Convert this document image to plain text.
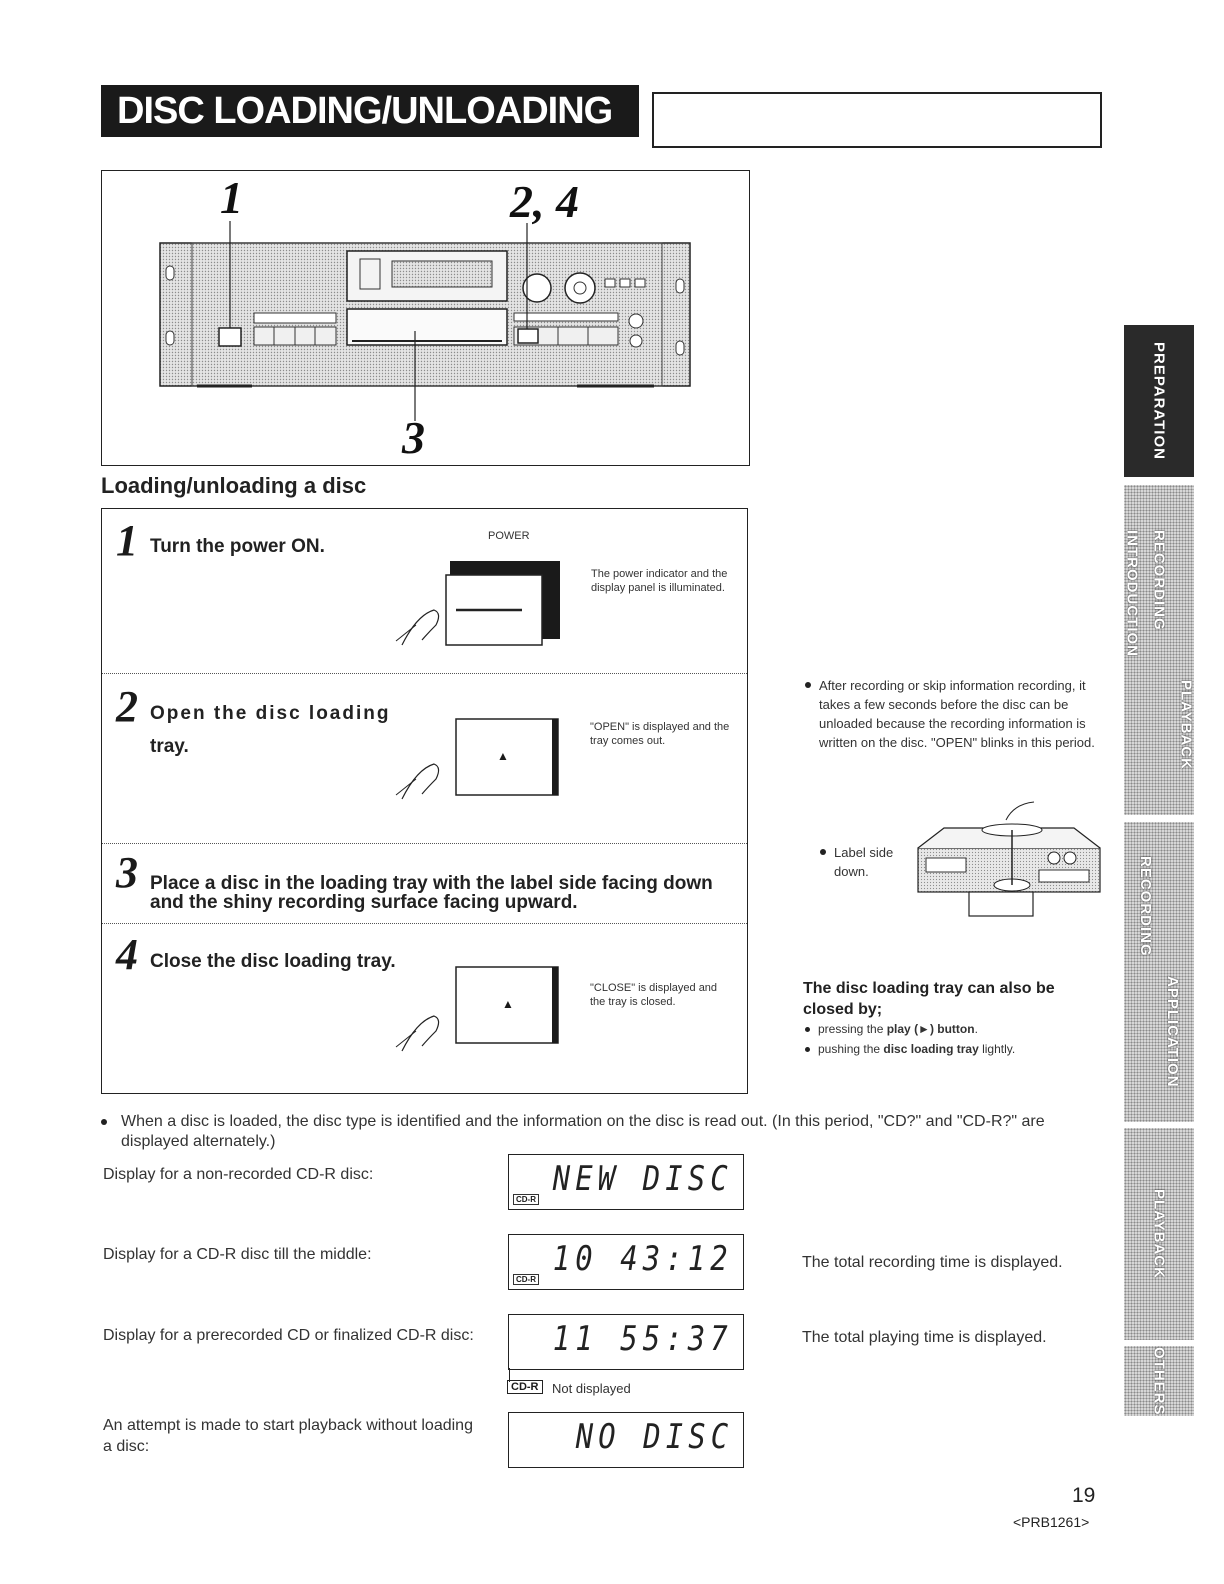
DISC LOADING/UNLOADING
1	2, 4
3
Loading/unloading a disc
1 Turn the power ON.	POWER
The power indicator and the display panel is illuminated.
2 Open the disc loading
tray.	▲
"OPEN" is displayed and the tray comes out.
3 Place a disc in the loading tray with the label side facing down
and the shiny recording surface facing upward.
4 Close the disc loading tray.
▲
"CLOSE" is displayed and the tray is closed.
After recording or skip information recording, it takes a few seconds before the disc can be unloaded because the recording information is written on the disc. "OPEN" blinks in this period.
Label side down.
The disc loading tray can also be closed by;
pressing the play (►) button.
pushing the disc loading tray lightly.
When a disc is loaded, the disc type is identified and the information on the disc is read out. (In this period, "CD?" and "CD-R?" are displayed alternately.)
Display for a non-recorded CD-R disc:	NEW DISC
CD-R
Display for a CD-R disc till the middle:	10 43:12
CD-R
The total recording time is displayed.
Display for a prerecorded CD or finalized CD-R disc:	11 55:37
CD-R	Not displayed
The total playing time is displayed.
An attempt is made to start playback without loading a disc:	NO DISC
PREPARATION
INTRODUCTION RECORDING
PLAYBACK
RECORDING
APPLICATION
PLAYBACK
OTHERS
19
<PRB1261>
